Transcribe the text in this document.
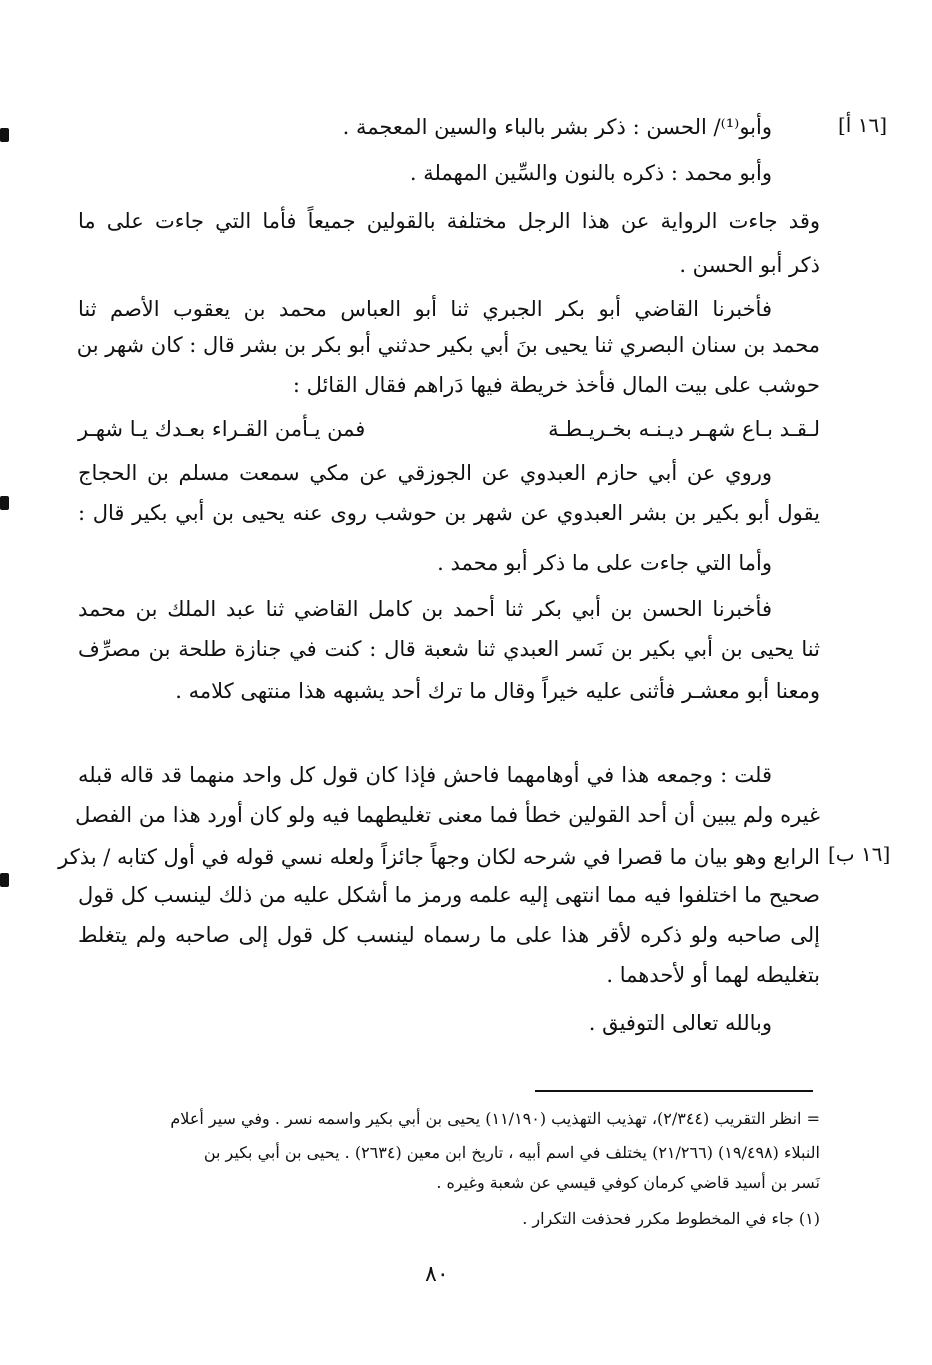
[١٦ أ]
[١٦ ب]
وأبو⁽¹⁾/ الحسن : ذكر بشر بالباء والسين المعجمة .
وأبو محمد : ذكره بالنون والسِّين المهملة .
وقد جاءت الرواية عن هذا الرجل مختلفة بالقولين جميعاً فأما التي جاءت على ما
ذكر أبو الحسن .
فأخبرنا القاضي أبو بكر الجبري ثنا أبو العباس محمد بن يعقوب الأصم ثنا
محمد بن سنان البصري ثنا يحيى بنَ أبي بكير حدثني أبو بكر بن بشر قال : كان شهر بن
حوشب على بيت المال فأخذ خريطة فيها دَراهم فقال القائل :
لـقـد بـاع شهـر ديـنـه بخـريـطـة
فمن يـأمن القـراء بعـدك يـا شهـر
وروي عن أبي حازم العبدوي عن الجوزقي عن مكي سمعت مسلم بن الحجاج
يقول أبو بكير بن بشر العبدوي عن شهر بن حوشب روى عنه يحيى بن أبي بكير قال :
وأما التي جاءت على ما ذكر أبو محمد .
فأخبرنا الحسن بن أبي بكر ثنا أحمد بن كامل القاضي ثنا عبد الملك بن محمد
ثنا يحيى بن أبي بكير بن نَسر العبدي ثنا شعبة قال : كنت في جنازة طلحة بن مصرِّف
ومعنا أبو معشـر فأثنى عليه خيراً وقال ما ترك أحد يشبهه هذا منتهى كلامه .
قلت : وجمعه هذا في أوهامهما فاحش فإذا كان قول كل واحد منهما قد قاله قبله
غيره ولم يبين أن أحد القولين خطأ فما معنى تغليطهما فيه ولو كان أورد هذا من الفصل
الرابع وهو بيان ما قصرا في شرحه لكان وجهاً جائزاً ولعله نسي قوله في أول كتابه / بذكر
صحيح ما اختلفوا فيه مما انتهى إليه علمه ورمز ما أشكل عليه من ذلك لينسب كل قول
إلى صاحبه ولو ذكره لأقر هذا على ما رسماه لينسب كل قول إلى صاحبه ولم يتغلط
بتغليطه لهما أو لأحدهما .
وبالله تعالى التوفيق .
= انظر التقريب (٢/٣٤٤)، تهذيب التهذيب (١١/١٩٠) يحيى بن أبي بكير واسمه نسر . وفي سير أعلام
النبلاء (١٩/٤٩٨) (٢١/٢٦٦) يختلف في اسم أبيه ، تاريخ ابن معين (٢٦٣٤) . يحيى بن أبي بكير بن
نَسر بن أسيد قاضي كرمان كوفي قيسي عن شعبة وغيره .
(١) جاء في المخطوط مكرر فحذفت التكرار .
٨٠
